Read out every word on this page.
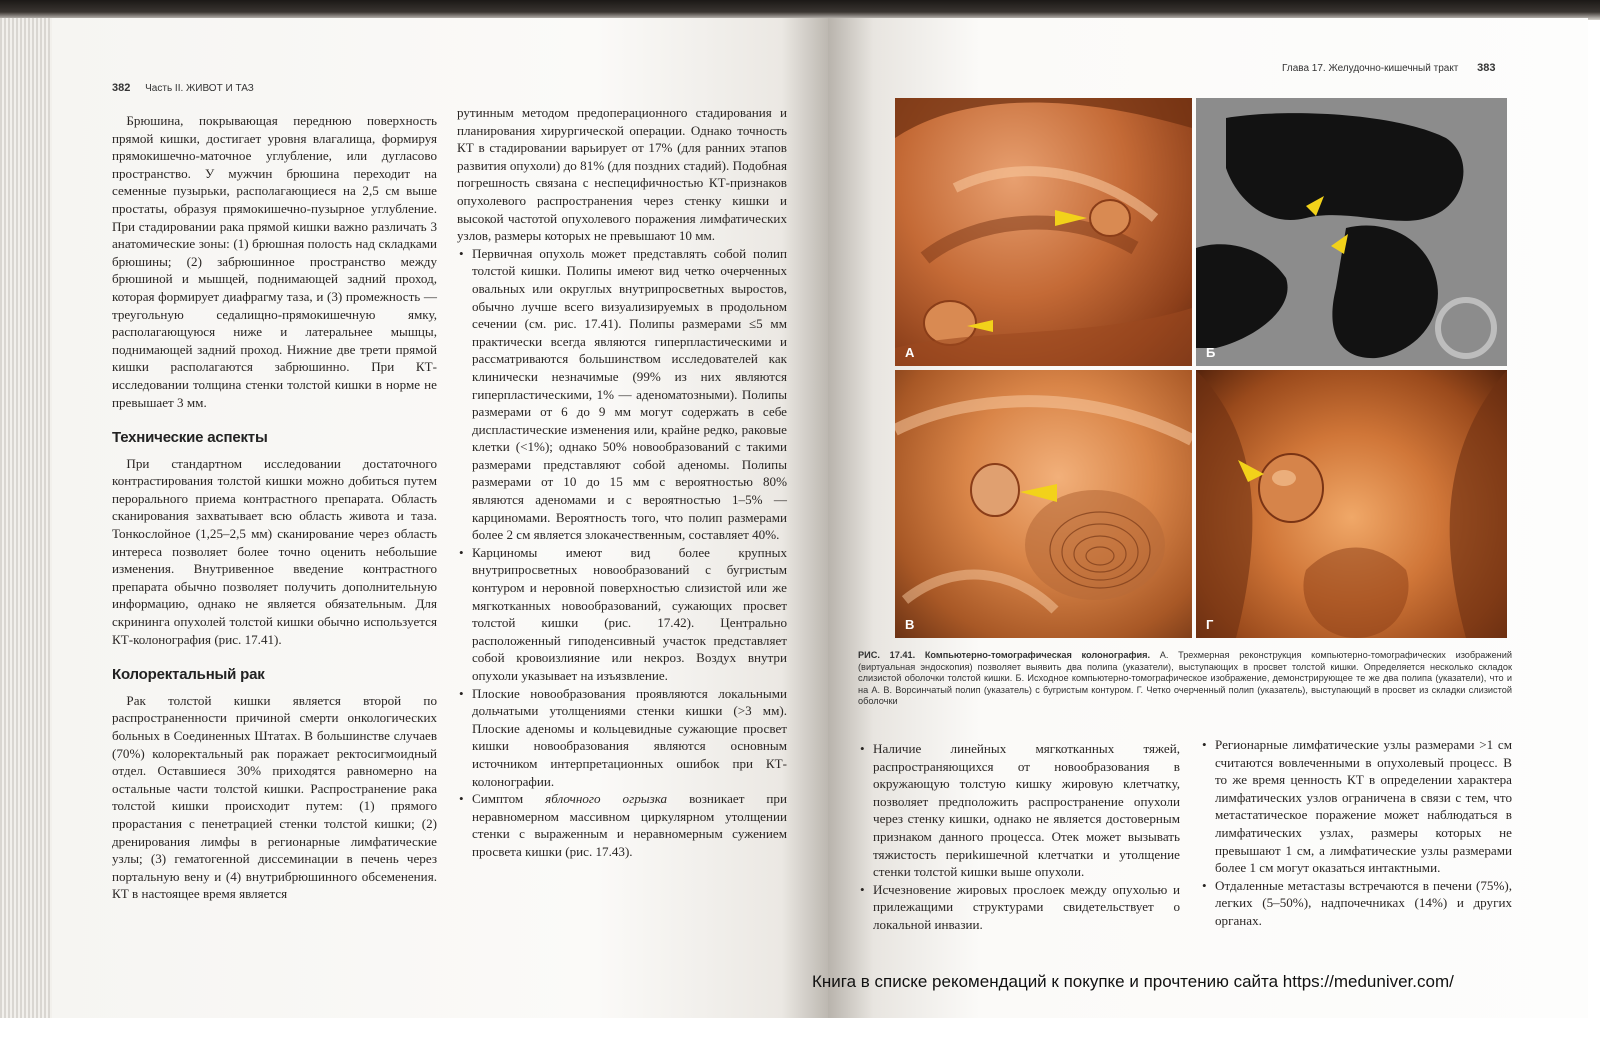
382 Часть II. ЖИВОТ И ТАЗ

Брюшина, покрывающая переднюю поверхность прямой кишки, достигает уровня влагалища, формируя прямокишечно-маточное углубление, или дугласово пространство. У мужчин брюшина переходит на семенные пузырьки, располагающиеся на 2,5 см выше простаты, образуя прямокишечно-пузырное углубление. При стадировании рака прямой кишки важно различать 3 анатомические зоны: (1) брюшная полость над складками брюшины; (2) забрюшинное пространство между брюшиной и мышцей, поднимающей задний проход, которая формирует диафрагму таза, и (3) промежность — треугольную седалищно-прямокишечную ямку, располагающуюся ниже и латеральнее мышцы, поднимающей задний проход. Нижние две трети прямой кишки располагаются забрюшинно. При КТ-исследовании толщина стенки толстой кишки в норме не превышает 3 мм.

Технические аспекты

При стандартном исследовании достаточного контрастирования толстой кишки можно добиться путем перорального приема контрастного препарата. Область сканирования захватывает всю область живота и таза. Тонкослойное (1,25–2,5 мм) сканирование через область интереса позволяет более точно оценить небольшие изменения. Внутривенное введение контрастного препарата обычно позволяет получить дополнительную информацию, однако не является обязательным. Для скрининга опухолей толстой кишки обычно используется КТ-колонография (рис. 17.41).

Колоректальный рак

Рак толстой кишки является второй по распространенности причиной смерти онкологических больных в Соединенных Штатах. В большинстве случаев (70%) колоректальный рак поражает ректосигмоидный отдел. Оставшиеся 30% приходятся равномерно на остальные части толстой кишки. Распространение рака толстой кишки происходит путем: (1) прямого прорастания с пенетрацией стенки толстой кишки; (2) дренирования лимфы в регионарные лимфатические узлы; (3) гематогенной диссеминации в печень через портальную вену и (4) внутрибрюшинного обсеменения. КТ в настоящее время является

рутинным методом предоперационного стадирования и планирования хирургической операции. Однако точность КТ в стадировании варьирует от 17% (для ранних этапов развития опухоли) до 81% (для поздних стадий). Подобная погрешность связана с неспецифичностью КТ-признаков опухолевого распространения через стенку кишки и высокой частотой опухолевого поражения лимфатических узлов, размеры которых не превышают 10 мм.

• Первичная опухоль может представлять собой полип толстой кишки. Полипы имеют вид четко очерченных овальных или округлых внутрипросветных выростов, обычно лучше всего визуализируемых в продольном сечении (см. рис. 17.41). Полипы размерами ≤5 мм практически всегда являются гиперпластическими и рассматриваются большинством исследователей как клинически незначимые (99% из них являются гиперпластическими, 1% — аденоматозными). Полипы размерами от 6 до 9 мм могут содержать в себе диспластические изменения или, крайне редко, раковые клетки (<1%); однако 50% новообразований с такими размерами представляют собой аденомы. Полипы размерами от 10 до 15 мм с вероятностью 80% являются аденомами и с вероятностью 1–5% — карциномами. Вероятность того, что полип размерами более 2 см является злокачественным, составляет 40%.
• Карциномы имеют вид более крупных внутрипросветных новообразований с бугристым контуром и неровной поверхностью слизистой или же мягкотканных новообразований, сужающих просвет толстой кишки (рис. 17.42). Центрально расположенный гиподенсивный участок представляет собой кровоизлияние или некроз. Воздух внутри опухоли указывает на изъязвление.
• Плоские новообразования проявляются локальными дольчатыми утолщениями стенки кишки (>3 мм). Плоские аденомы и кольцевидные сужающие просвет кишки новообразования являются основным источником интерпретационных ошибок при КТ-колонографии.
• Симптом яблочного огрызка возникает при неравномерном массивном циркулярном утолщении стенки с выраженным и неравномерным сужением просвета кишки (рис. 17.43).
Глава 17. Желудочно-кишечный тракт 383
А	Б
В	Г
РИС. 17.41. Компьютерно-томографическая колонография. А. Трехмерная реконструкция компьютерно-томографических изображений (виртуальная эндоскопия) позволяет выявить два полипа (указатели), выступающих в просвет толстой кишки. Определяется несколько складок слизистой оболочки толстой кишки. Б. Исходное компьютерно-томографическое изображение, демонстрирующее те же два полипа (указатели), что и на А. В. Ворсинчатый полип (указатель) с бугристым контуром. Г. Четко очерченный полип (указатель), выступающий в просвет из складки слизистой оболочки
• Наличие линейных мягкотканных тяжей, распространяющихся от новообразования в окружающую толстую кишку жировую клетчатку, позволяет предположить распространение опухоли через стенку кишки, однако не является достоверным признаком данного процесса. Отек может вызывать тяжистость периkишечной клетчатки и утолщение стенки толстой кишки выше опухоли.
• Исчезновение жировых прослоек между опухолью и прилежащими структурами свидетельствует о локальной инвазии.
• Регионарные лимфатические узлы размерами >1 см считаются вовлеченными в опухолевый процесс. В то же время ценность КТ в определении характера лимфатических узлов ограничена в связи с тем, что метастатическое поражение может наблюдаться в лимфатических узлах, размеры которых не превышают 1 см, а лимфатические узлы размерами более 1 см могут оказаться интактными.
• Отдаленные метастазы встречаются в печени (75%), легких (5–50%), надпочечниках (14%) и других органах.
Книга в списке рекомендаций к покупке и прочтению сайта https://meduniver.com/
